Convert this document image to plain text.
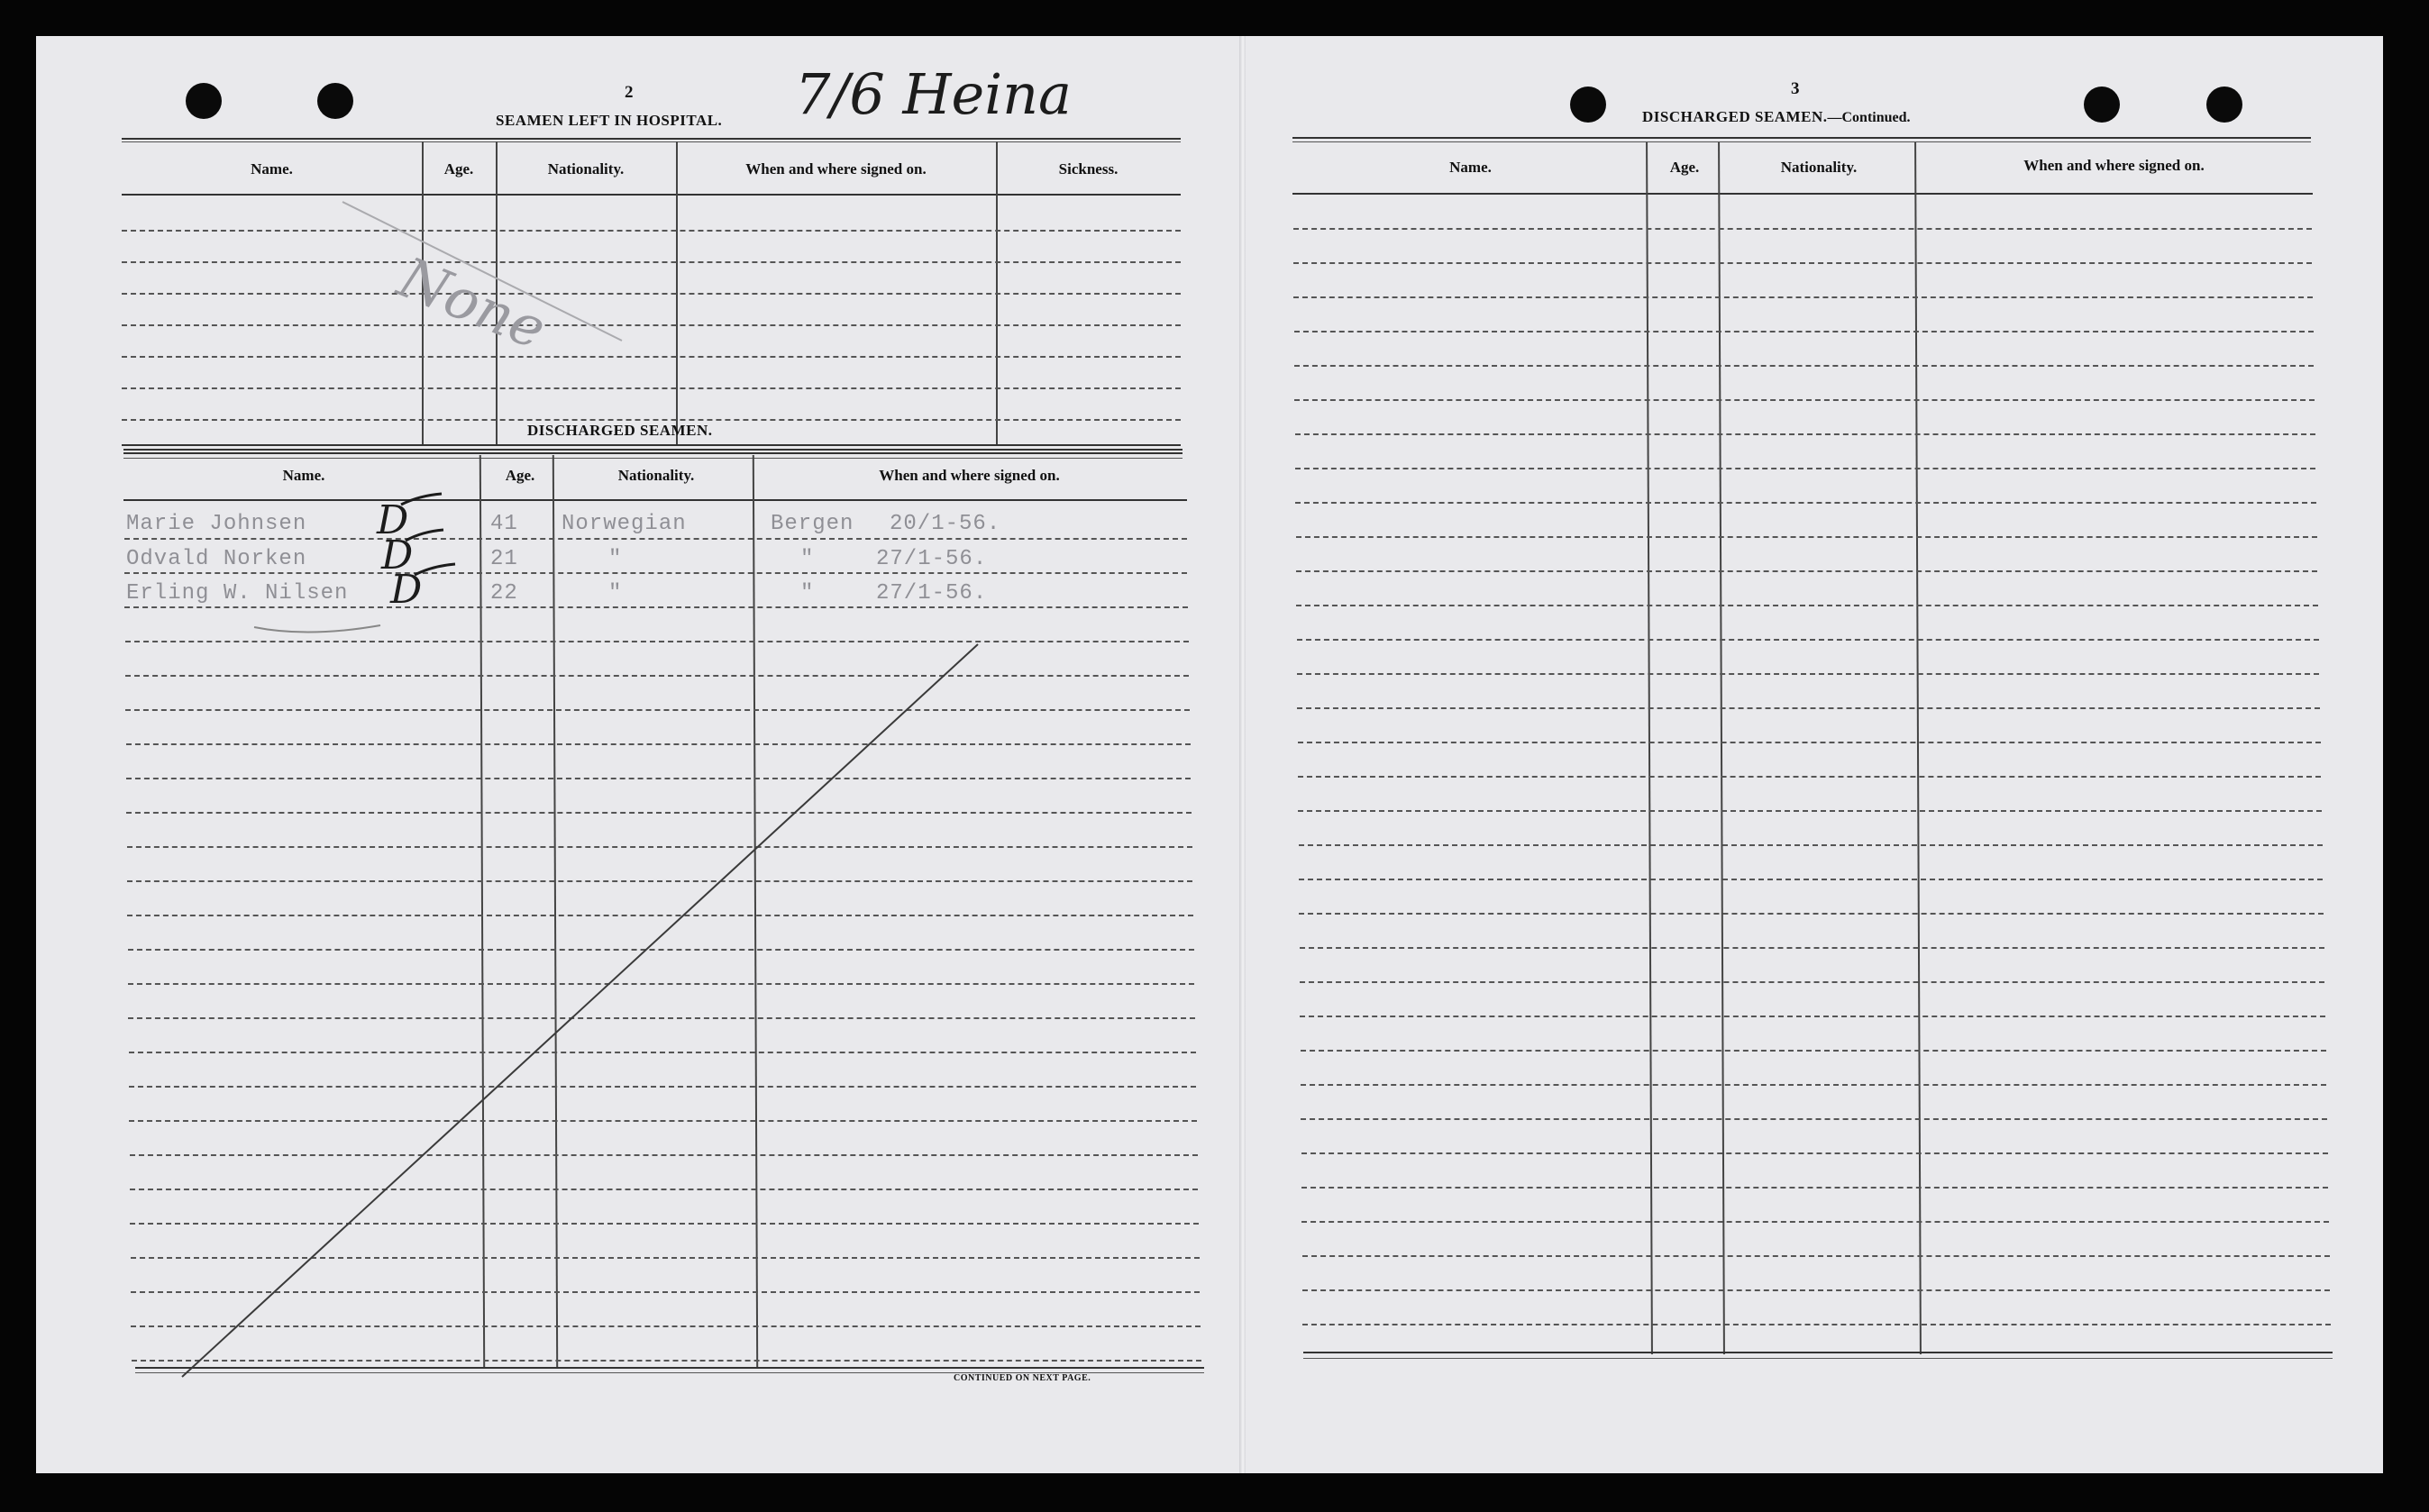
2
SEAMEN LEFT IN HOSPITAL. 7/6 Heina
Name.	Age.	Nationality.	When and where signed on.	Sickness.
None
DISCHARGED SEAMEN.
Name.	Age.	Nationality.	When and where signed on.
Marie Johnsen D	41 Norwegian	Bergen 20/1-56.
Odvald Norken D	21	"	"	27/1-56.
Erling W. Nilsen D	22	"	"	27/1-56.
CONTINUED ON NEXT PAGE.
3
DISCHARGED SEAMEN.—Continued.
Name.	Age.	Nationality.	When and where signed on.
